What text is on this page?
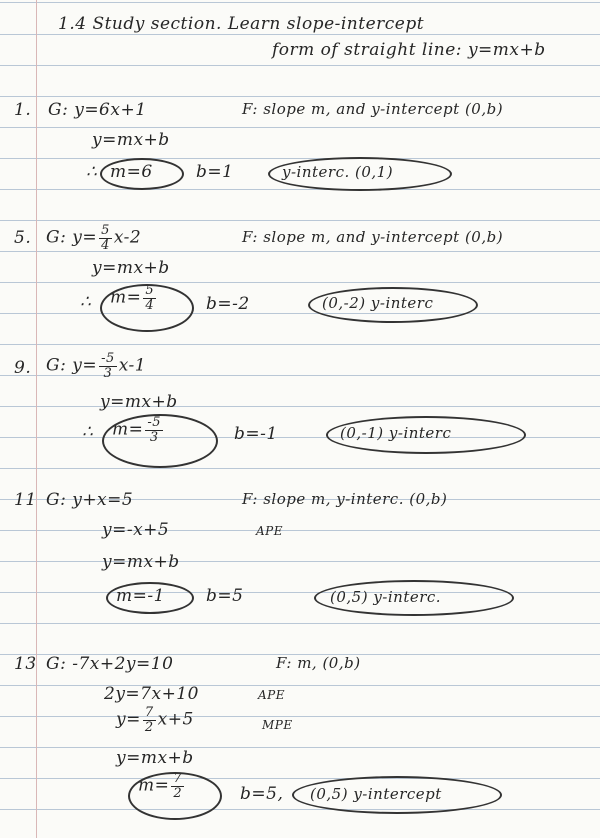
1.4 Study section. Learn slope-intercept
form of straight line: y=mx+b
1. G: y=6x+1	F: slope m, and y-intercept (0,b)
y=mx+b
∴ m=6	b=1	y-interc. (0,1)
5. G: $y= \frac{5}{4} x-2$	F: slope m, and y-intercept (0,b)
y=mx+b
∴ $m= \frac{5}{4}$	b=-2	(0,-2) y-interc
9. G: $y= \frac{-5}{3} x-1$
y=mx+b
∴ $m= \frac{-5}{3}$	b=-1	(0,-1) y-interc
11 G: y+x=5	F: slope m, y-interc. (0,b)
y=-x+5	APE
y=mx+b
m=-1 b=5	(0,5) y-interc.
13 G: -7x+2y=10	F: m, (0,b)
2y=7x+10	APE
$y= \frac{7}{2} x+5$	MPE
y=mx+b
$m= \frac{7}{2}$	b=5, (0,5) y-intercept
